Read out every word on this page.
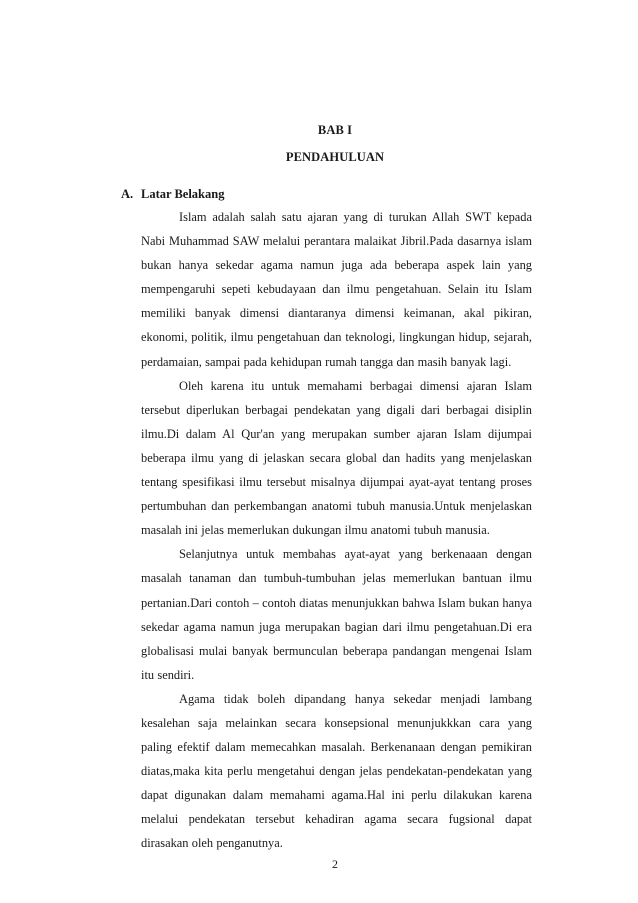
BAB I
PENDAHULUAN
A. Latar Belakang

Islam adalah salah satu ajaran yang di turukan Allah SWT kepada Nabi Muhammad SAW melalui perantara malaikat Jibril.Pada dasarnya islam bukan hanya sekedar agama namun juga ada beberapa aspek lain yang mempengaruhi sepeti kebudayaan dan ilmu pengetahuan. Selain itu Islam memiliki banyak dimensi diantaranya dimensi keimanan, akal pikiran, ekonomi, politik, ilmu pengetahuan dan teknologi, lingkungan hidup, sejarah, perdamaian, sampai pada kehidupan rumah tangga dan masih banyak lagi.

Oleh karena itu untuk memahami berbagai dimensi ajaran Islam tersebut diperlukan berbagai pendekatan yang digali dari berbagai disiplin ilmu.Di dalam Al Qur'an yang merupakan sumber ajaran Islam dijumpai beberapa ilmu yang di jelaskan secara global dan hadits yang menjelaskan tentang spesifikasi ilmu tersebut misalnya dijumpai ayat-ayat tentang proses pertumbuhan dan perkembangan anatomi tubuh manusia.Untuk menjelaskan masalah ini jelas memerlukan dukungan ilmu anatomi tubuh manusia.

Selanjutnya untuk membahas ayat-ayat yang berkenaaan dengan masalah tanaman dan tumbuh-tumbuhan jelas memerlukan bantuan ilmu pertanian.Dari contoh – contoh diatas menunjukkan bahwa Islam bukan hanya sekedar agama namun juga merupakan bagian dari ilmu pengetahuan.Di era globalisasi mulai banyak bermunculan beberapa pandangan mengenai Islam itu sendiri.

Agama tidak boleh dipandang hanya sekedar menjadi lambang kesalehan saja melainkan secara konsepsional menunjukkkan cara yang paling efektif dalam memecahkan masalah. Berkenanaan dengan pemikiran diatas,maka kita perlu mengetahui dengan jelas pendekatan-pendekatan yang dapat digunakan dalam memahami agama.Hal ini perlu dilakukan karena melalui pendekatan tersebut kehadiran agama secara fugsional dapat dirasakan oleh penganutnya.

2
